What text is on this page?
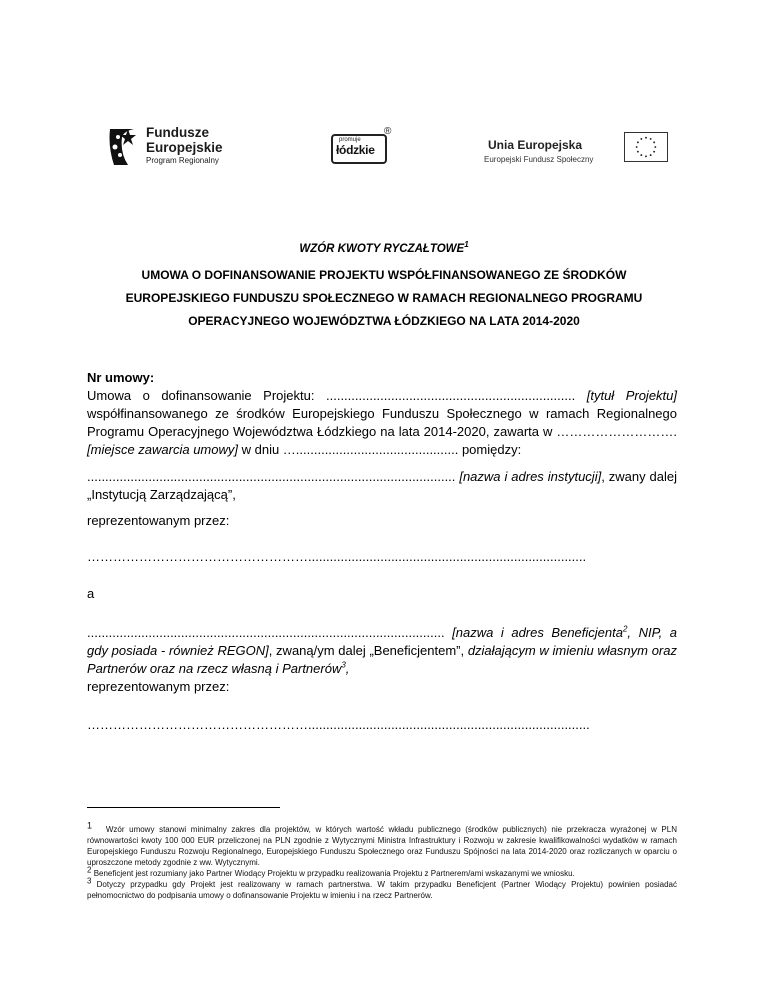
Fundusze
Europejskie
Program Regionalny
promuje
łódzkie
®
Unia Europejska
Europejski Fundusz Społeczny
WZÓR KWOTY RYCZAŁTOWE$^1$
UMOWA O DOFINANSOWANIE PROJEKTU WSPÓŁFINANSOWANEGO ZE ŚRODKÓW
EUROPEJSKIEGO FUNDUSZU SPOŁECZNEGO W RAMACH REGIONALNEGO PROGRAMU
OPERACYJNEGO WOJEWÓDZTWA ŁÓDZKIEGO NA LATA 2014-2020
Nr umowy:
Umowa o dofinansowanie Projektu: ..................................................................... [tytuł Projektu] współfinansowanego ze środków Europejskiego Funduszu Społecznego w ramach Regionalnego Programu Operacyjnego Województwa Łódzkiego na lata 2014-2020, zawarta w ………………………. [miejsce zawarcia umowy] w dniu …............................................. pomiędzy:
...................................................................................................... [nazwa i adres instytucji], zwany dalej „Instytucją Zarządzającą”,
reprezentowanym przez:
…………………………………………….............................................................................
a
................................................................................................... [nazwa i adres Beneficjenta$^2$, NIP, a gdy posiada - również REGON], zwaną/ym dalej „Beneficjentem”, działającym w imieniu własnym oraz Partnerów oraz na rzecz własną i Partnerów$^3$,
reprezentowanym przez:
……………………………………………..............................................................................

$^1$ Wzór umowy stanowi minimalny zakres dla projektów, w których wartość wkładu publicznego (środków publicznych) nie przekracza wyrażonej w PLN równowartości kwoty 100 000 EUR przeliczonej na PLN zgodnie z Wytycznymi Ministra Infrastruktury i Rozwoju w zakresie kwalifikowalności wydatków w ramach Europejskiego Funduszu Rozwoju Regionalnego, Europejskiego Funduszu Społecznego oraz Funduszu Spójności na lata 2014-2020 oraz rozliczanych w oparciu o uproszczone metody zgodnie z ww. Wytycznymi.

$^2$ Beneficjent jest rozumiany jako Partner Wiodący Projektu w przypadku realizowania Projektu z Partnerem/ami wskazanymi we wniosku.

$^3$ Dotyczy przypadku gdy Projekt jest realizowany w ramach partnerstwa. W takim przypadku Beneficjent (Partner Wiodący Projektu) powinien posiadać pełnomocnictwo do podpisania umowy o dofinansowanie Projektu w imieniu i na rzecz Partnerów.
